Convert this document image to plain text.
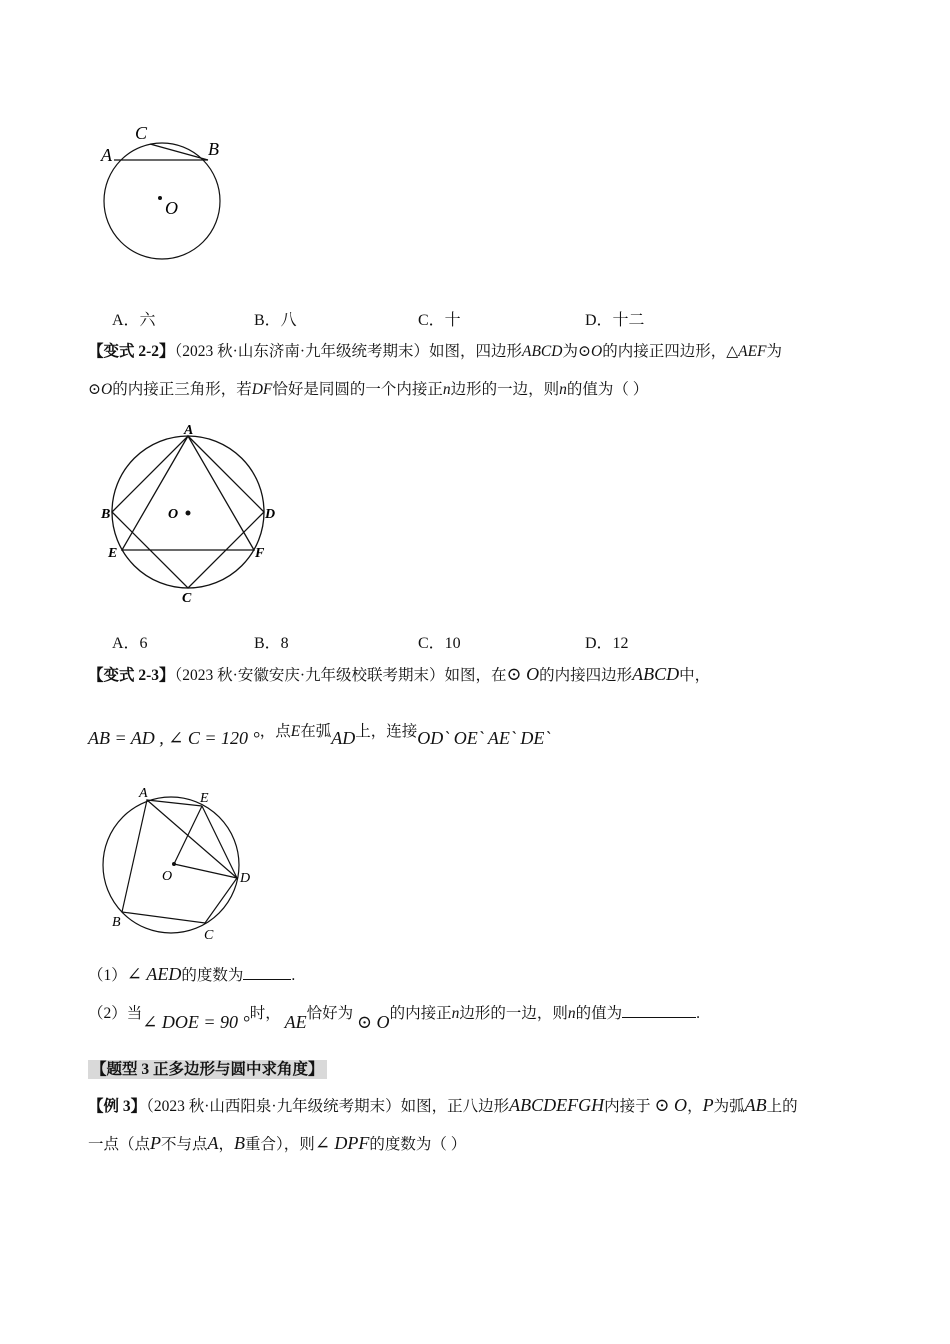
A
C
B
O
A．六	B．八	C．十	D．十二
【变式 2-2】（2023 秋·山东济南·九年级统考期末）如图，四边形ABCD为⊙O的内接正四边形，△AEF为
⊙O的内接正三角形，若DF恰好是同圆的一个内接正n边形的一边，则n的值为（ ）
A
B	D
E	F
C
O
A．6	B．8	C．10	D．12
【变式 2-3】（2023 秋·安徽安庆·九年级校联考期末）如图，在⊙ O的内接四边形ABCD中，
AB = AD , ∠ C = 120 °，点E在弧AD上，连接OD` OE` AE` DE`
A	E
O	D
B
C
（1）∠ AED的度数为	.
（2）当∠ DOE = 90 °时， AE恰好为 ⊙ O的内接正n边形的一边，则n的值为	.
【题型 3 正多边形与圆中求角度】
【例 3】（2023 秋·山西阳泉·九年级统考期末）如图，正八边形ABCDEFGH内接于 ⊙ O，P为弧AB上的
一点（点P不与点A，B重合），则∠ DPF的度数为（ ）
